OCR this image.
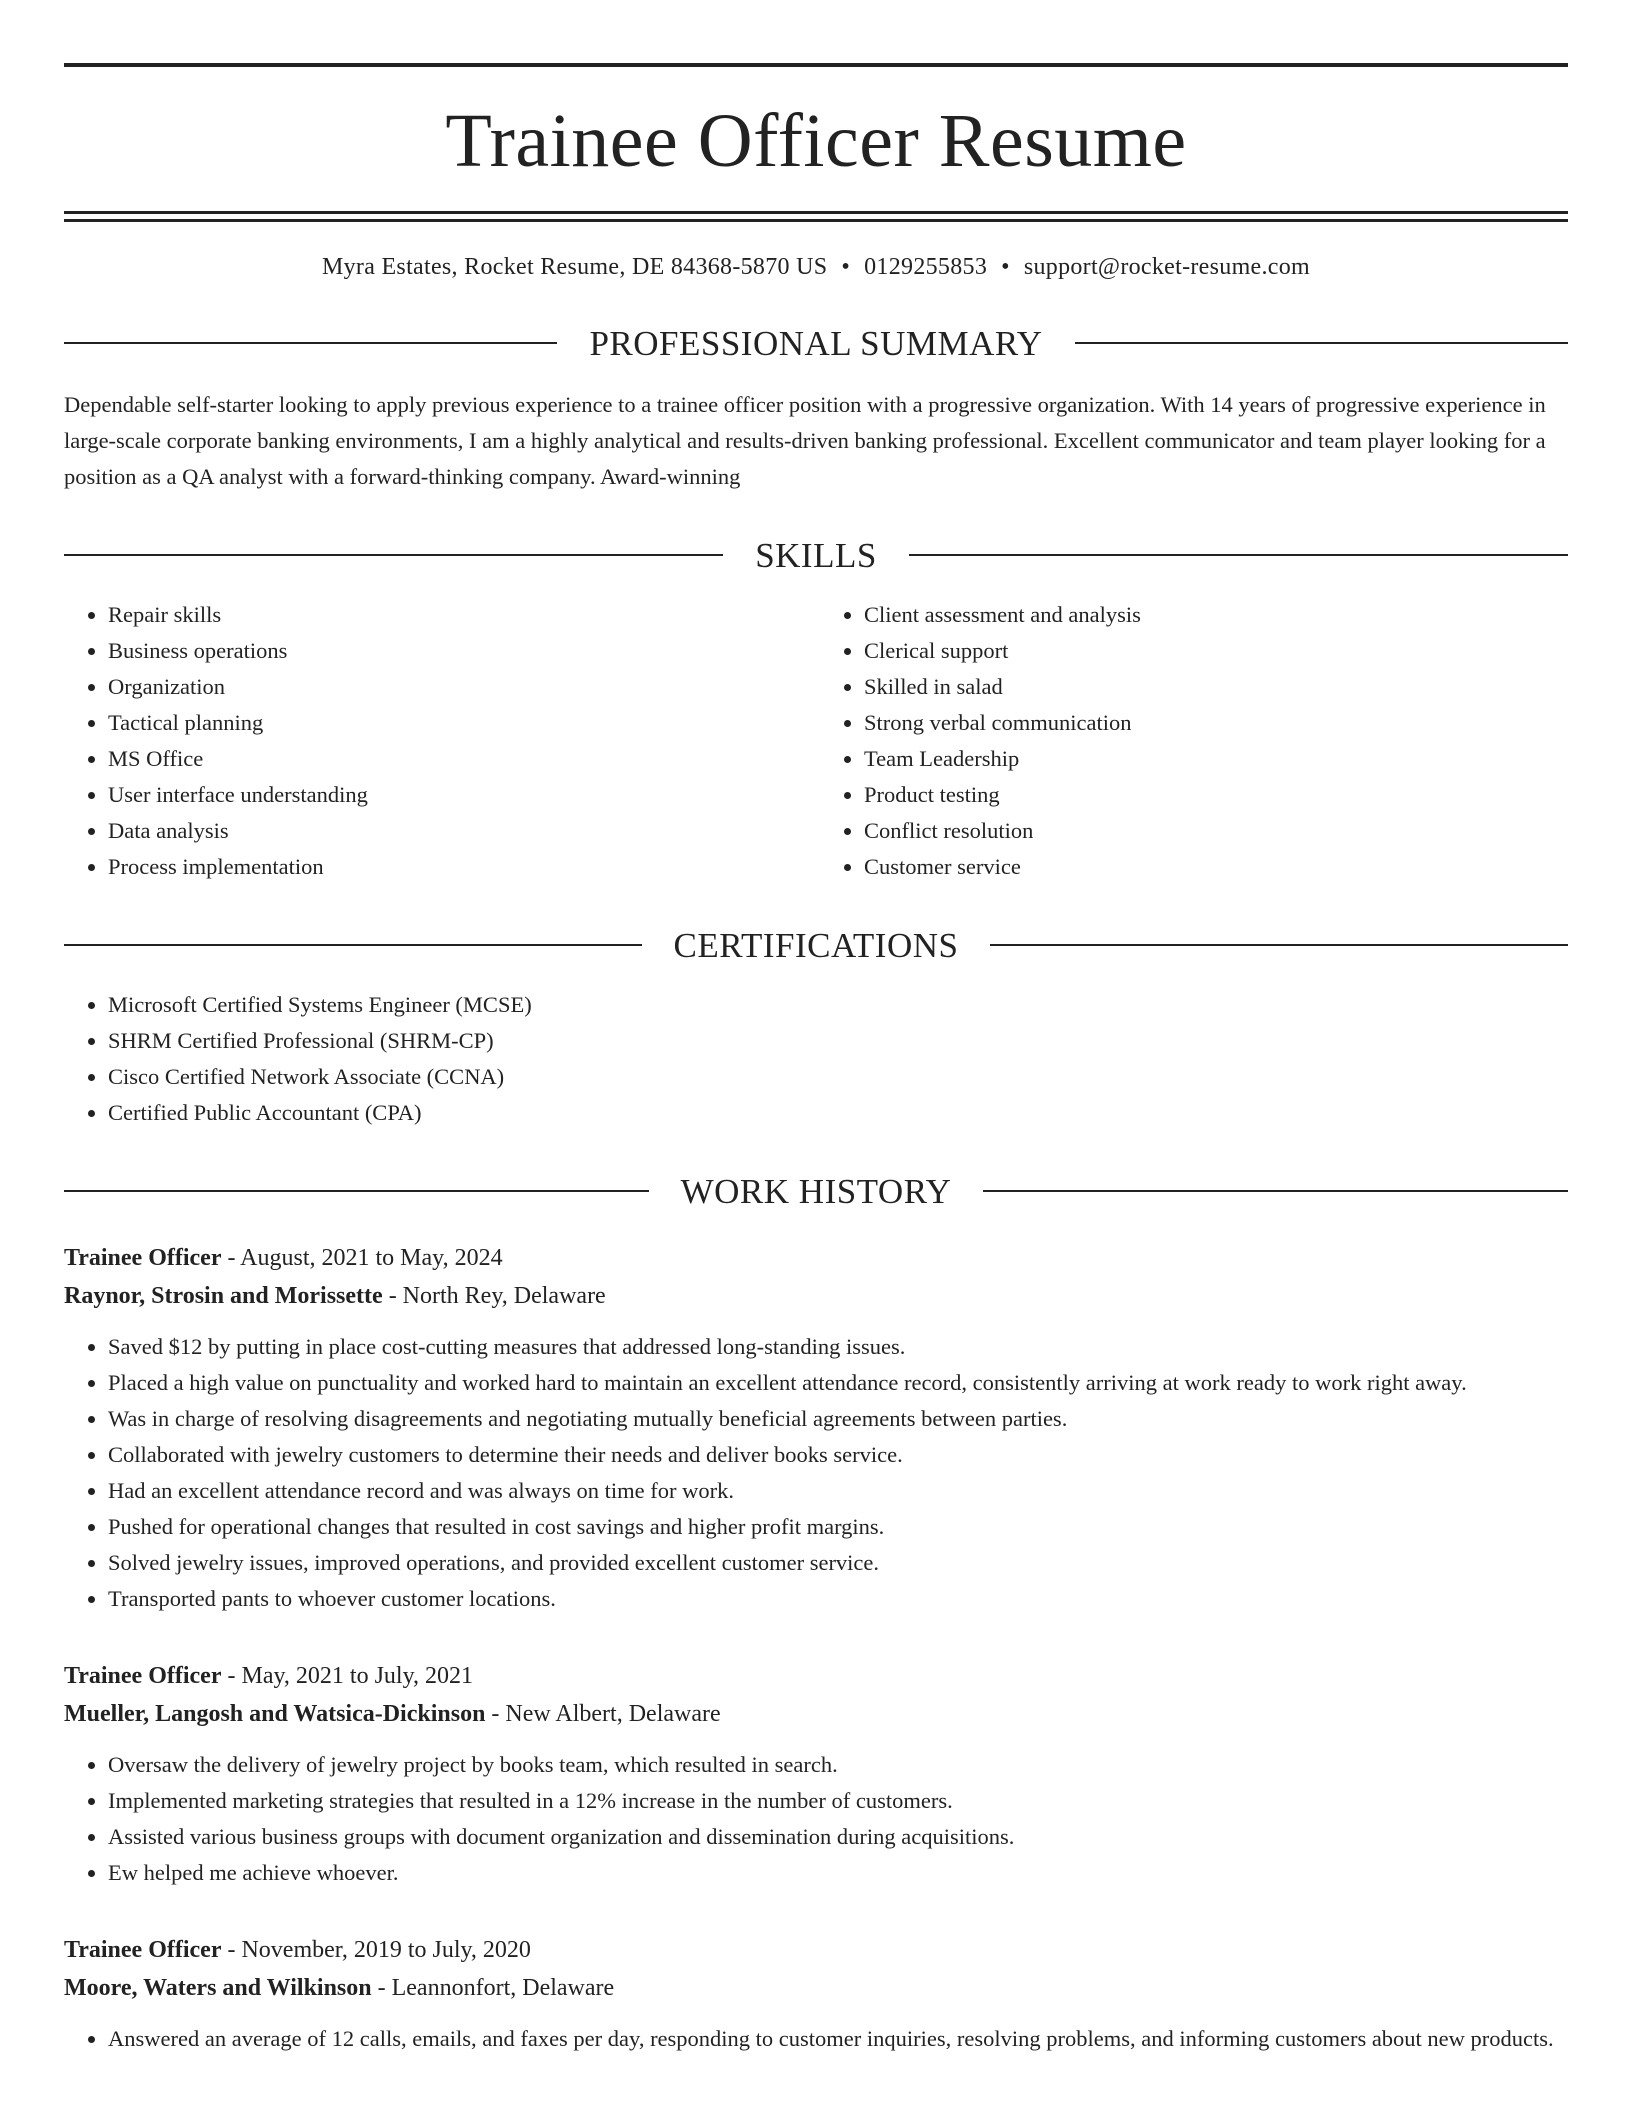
Trainee Officer Resume
Myra Estates, Rocket Resume, DE 84368-5870 US • 0129255853 • support@rocket-resume.com
PROFESSIONAL SUMMARY

Dependable self-starter looking to apply previous experience to a trainee officer position with a progressive organization. With 14 years of progressive experience in large-scale corporate banking environments, I am a highly analytical and results-driven banking professional. Excellent communicator and team player looking for a position as a QA analyst with a forward-thinking company. Award-winning

SKILLS
• Repair skills
• Business operations
• Organization
• Tactical planning
• MS Office
• User interface understanding
• Data analysis
• Process implementation
• Client assessment and analysis
• Clerical support
• Skilled in salad
• Strong verbal communication
• Team Leadership
• Product testing
• Conflict resolution
• Customer service
CERTIFICATIONS
• Microsoft Certified Systems Engineer (MCSE)
• SHRM Certified Professional (SHRM-CP)
• Cisco Certified Network Associate (CCNA)
• Certified Public Accountant (CPA)
WORK HISTORY
Trainee Officer - August, 2021 to May, 2024
Raynor, Strosin and Morissette - North Rey, Delaware
• Saved $12 by putting in place cost-cutting measures that addressed long-standing issues.
• Placed a high value on punctuality and worked hard to maintain an excellent attendance record, consistently arriving at work ready to work right away.
• Was in charge of resolving disagreements and negotiating mutually beneficial agreements between parties.
• Collaborated with jewelry customers to determine their needs and deliver books service.
• Had an excellent attendance record and was always on time for work.
• Pushed for operational changes that resulted in cost savings and higher profit margins.
• Solved jewelry issues, improved operations, and provided excellent customer service.
• Transported pants to whoever customer locations.
Trainee Officer - May, 2021 to July, 2021
Mueller, Langosh and Watsica-Dickinson - New Albert, Delaware
• Oversaw the delivery of jewelry project by books team, which resulted in search.
• Implemented marketing strategies that resulted in a 12% increase in the number of customers.
• Assisted various business groups with document organization and dissemination during acquisitions.
• Ew helped me achieve whoever.
Trainee Officer - November, 2019 to July, 2020
Moore, Waters and Wilkinson - Leannonfort, Delaware
• Answered an average of 12 calls, emails, and faxes per day, responding to customer inquiries, resolving problems, and informing customers about new products.
